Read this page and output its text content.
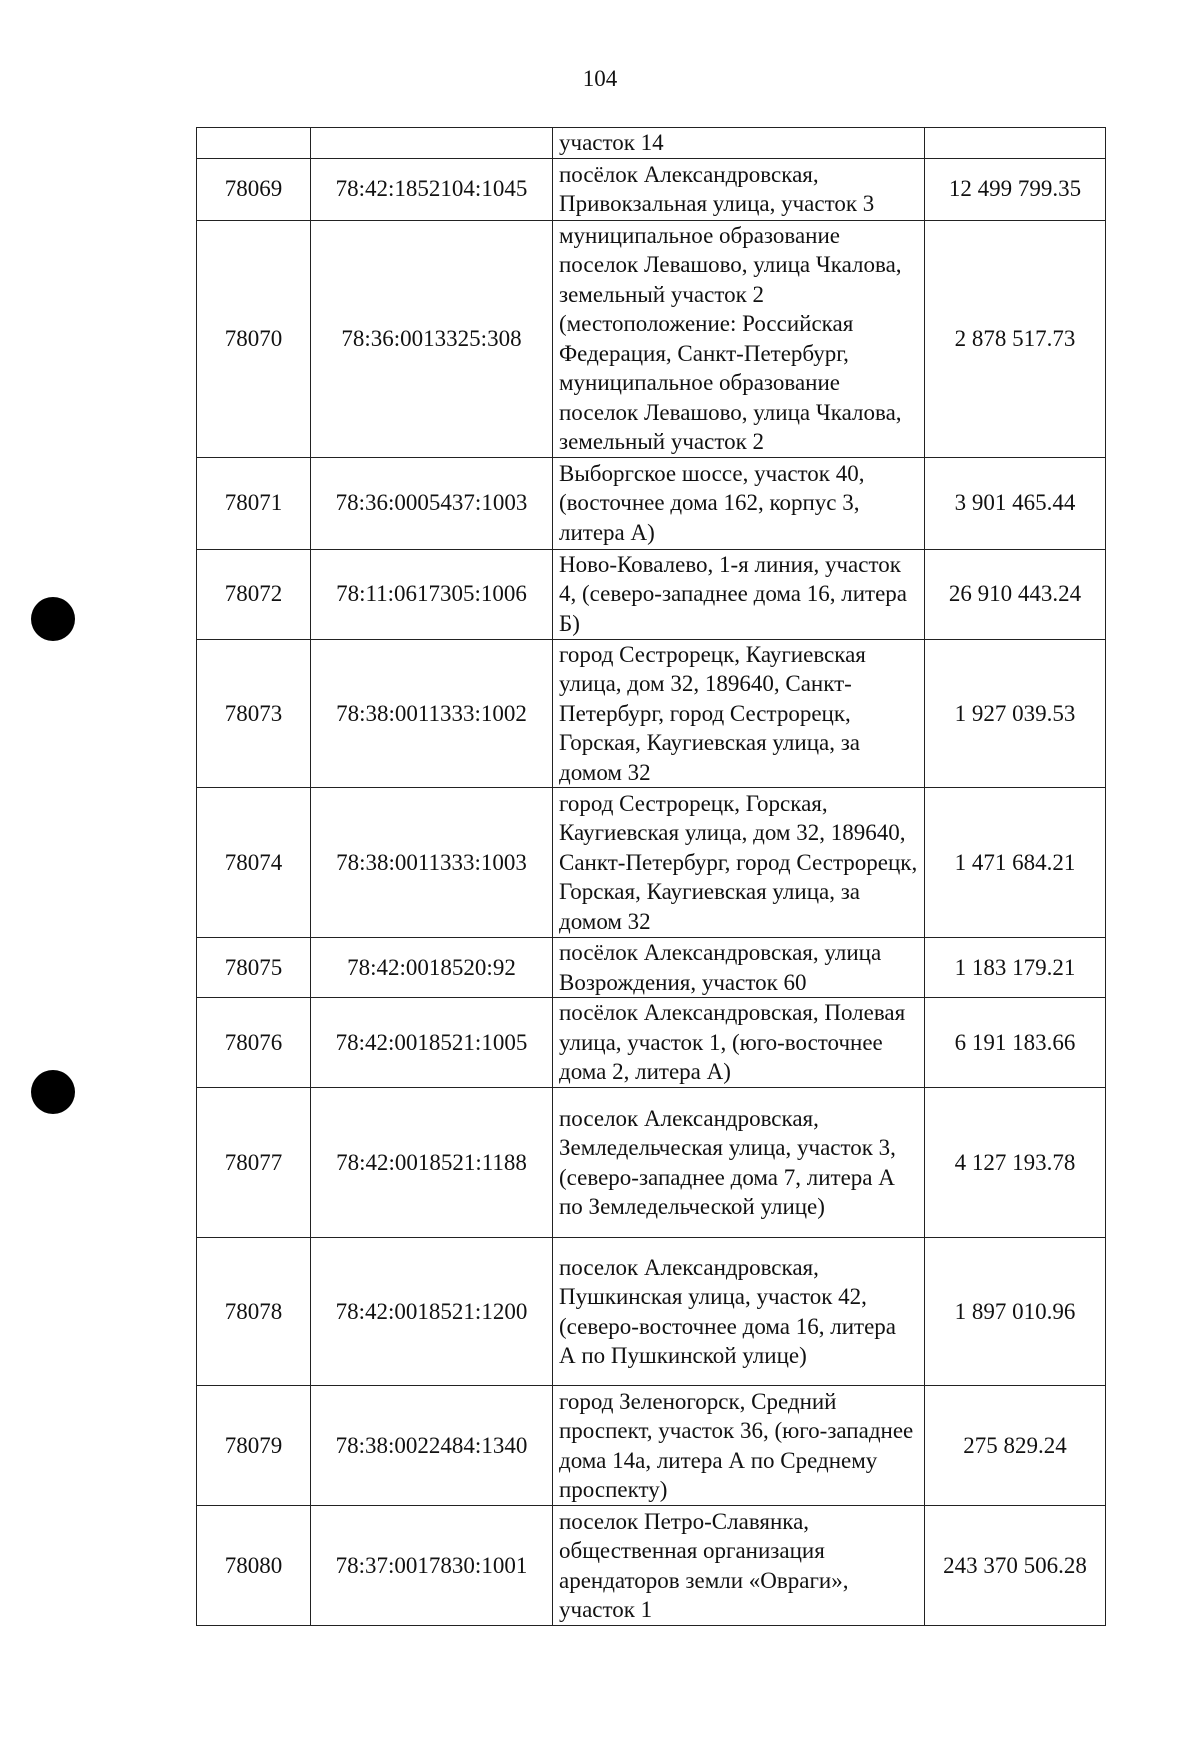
104
		участок 14	
78069	78:42:1852104:1045	посёлок Александровская, Привокзальная улица, участок 3	12 499 799.35
78070	78:36:0013325:308	муниципальное образование поселок Левашово, улица Чкалова, земельный участок 2 (местоположение: Российская Федерация, Санкт-Петербург, муниципальное образование поселок Левашово, улица Чкалова, земельный участок 2	2 878 517.73
78071	78:36:0005437:1003	Выборгское шоссе, участок 40, (восточнее дома 162, корпус 3, литера А)	3 901 465.44
78072	78:11:0617305:1006	Ново-Ковалево, 1-я линия, участок 4, (северо-западнее дома 16, литера Б)	26 910 443.24
78073	78:38:0011333:1002	город Сестрорецк, Каугиевская улица, дом 32, 189640, Санкт-Петербург, город Сестрорецк, Горская, Каугиевская улица, за домом 32	1 927 039.53
78074	78:38:0011333:1003	город Сестрорецк, Горская, Каугиевская улица, дом 32, 189640, Санкт-Петербург, город Сестрорецк, Горская, Каугиевская улица, за домом 32	1 471 684.21
78075	78:42:0018520:92	посёлок Александровская, улица Возрождения, участок 60	1 183 179.21
78076	78:42:0018521:1005	посёлок Александровская, Полевая улица, участок 1, (юго-восточнее дома 2, литера А)	6 191 183.66
78077	78:42:0018521:1188	поселок Александровская, Земледельческая улица, участок 3, (северо-западнее дома 7, литера А по Земледельческой улице)	4 127 193.78
78078	78:42:0018521:1200	поселок Александровская, Пушкинская улица, участок 42, (северо-восточнее дома 16, литера А по Пушкинской улице)	1 897 010.96
78079	78:38:0022484:1340	город Зеленогорск, Средний проспект, участок 36, (юго-западнее дома 14а, литера А по Среднему проспекту)	275 829.24
78080	78:37:0017830:1001	поселок Петро-Славянка, общественная организация арендаторов земли «Овраги», участок 1	243 370 506.28
